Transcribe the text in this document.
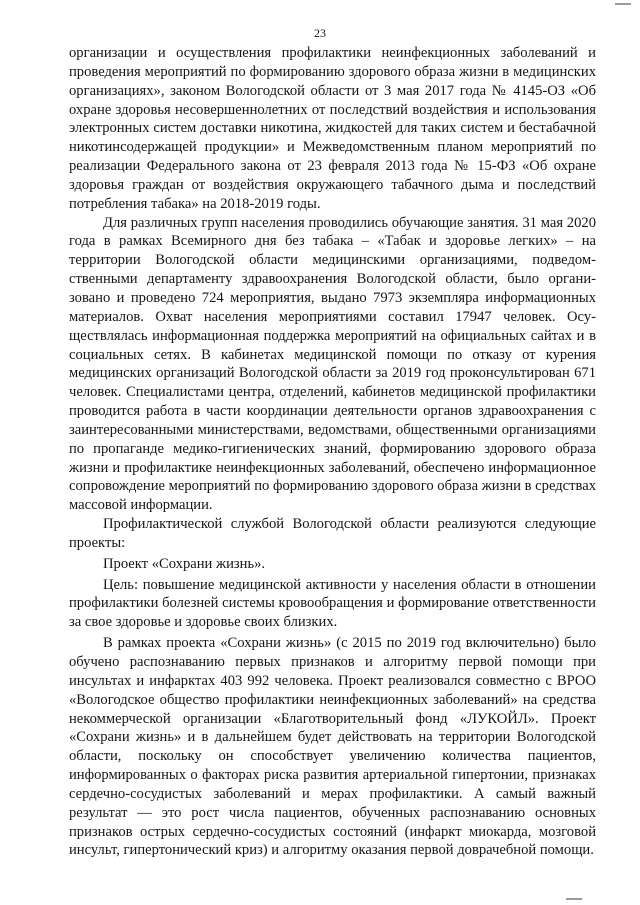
23

организации и осуществления профилактики неинфекционных заболеваний и проведения мероприятий по формированию здорового образа жизни в медицинских организациях», законом Вологодской области от 3 мая 2017 года № 4145-ОЗ «Об охране здоровья несовершеннолетних от последствий воздействия и использования электронных систем доставки никотина, жидкостей для таких систем и бестабачной никотинсодержащей продукции» и Межведомственным планом мероприятий по реализации Федерального закона от 23 февраля 2013 года № 15-ФЗ «Об охране здоровья граждан от воздействия окружающего табачного дыма и последствий потребления табака» на 2018-2019 годы.

Для различных групп населения проводились обучающие занятия. 31 мая 2020 года в рамках Всемирного дня без табака – «Табак и здоровье легких» – на территории Вологодской области медицинскими организациями, подведомственными департаменту здравоохранения Вологодской области, было организовано и проведено 724 мероприятия, выдано 7973 экземпляра информационных материалов. Охват населения мероприятиями составил 17947 человек. Осуществлялась информационная поддержка мероприятий на официальных сайтах и в социальных сетях. В кабинетах медицинской помощи по отказу от курения медицинских организаций Вологодской области за 2019 год проконсультирован 671 человек. Специалистами центра, отделений, кабинетов медицинской профилактики проводится работа в части координации деятельности органов здравоохранения с заинтересованными министерствами, ведомствами, общественными организациями по пропаганде медико-гигиенических знаний, формированию здорового образа жизни и профилактике неинфекционных заболеваний, обеспечено информационное сопровождение мероприятий по формированию здорового образа жизни в средствах массовой информации.

Профилактической службой Вологодской области реализуются следующие проекты:

Проект «Сохрани жизнь».

Цель: повышение медицинской активности у населения области в отношении профилактики болезней системы кровообращения и формирование ответственности за свое здоровье и здоровье своих близких.

В рамках проекта «Сохрани жизнь» (с 2015 по 2019 год включительно) было обучено распознаванию первых признаков и алгоритму первой помощи при инсультах и инфарктах 403 992 человека. Проект реализовался совместно с ВРОО «Вологодское общество профилактики неинфекционных заболеваний» на средства некоммерческой организации «Благотворительный фонд «ЛУКОЙЛ». Проект «Сохрани жизнь» и в дальнейшем будет действовать на территории Вологодской области, поскольку он способствует увеличению количества пациентов, информированных о факторах риска развития артериальной гипертонии, признаках сердечно-сосудистых заболеваний и мерах профилактики. А самый важный результат — это рост числа пациентов, обученных распознаванию основных признаков острых сердечно-сосудистых состояний (инфаркт миокарда, мозговой инсульт, гипертонический криз) и алгоритму оказания первой доврачебной помощи.
